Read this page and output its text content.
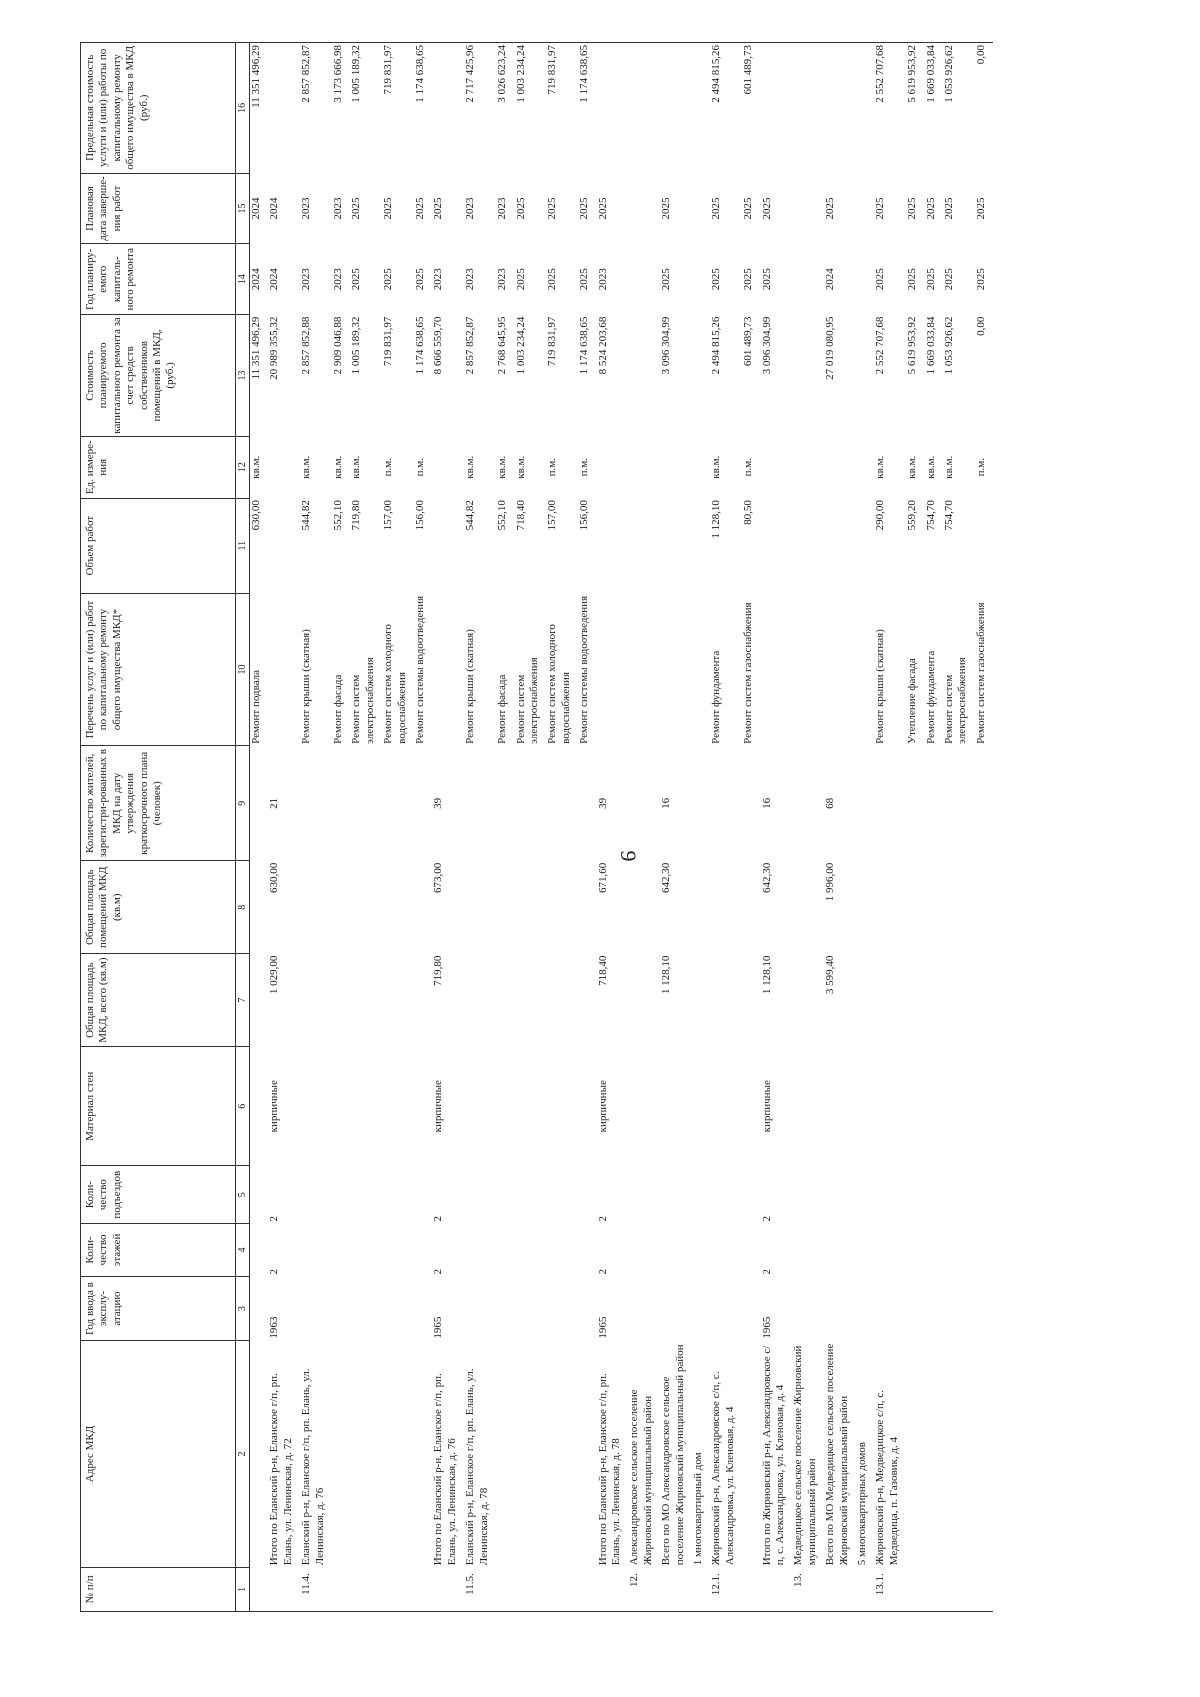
9
№ п/п	Адрес МКД	Год ввода в эксплу-атацию	Коли-чество этажей	Коли-чество подъездов	Материал стен	Общая площадь МКД, всего (кв.м)	Общая площадь помещений МКД (кв.м)	Количество жителей, зарегистри-рованных в МКД на дату утверждения краткосрочного плана (человек)	Перечень услуг и (или) работ по капитальному ремонту общего имущества МКД*	Объем работ	Ед. измере-ния	Стоимость планируемого капитального ремонта за счет средств собственников помещений в МКД, (руб.)	Год планиру-емого капиталь-ного ремонта	Плановая дата заверше-ния работ	Предельная стоимость услуги и (или) работы по капитальному ремонту общего имущества в МКД (руб.)
1	2	3	4	5	6	7	8	9	10	11	12	13	14	15	16
									Ремонт подвала	630,00	кв.м.	11 351 496,29	2024	2024	11 351 496,29
	Итого по Еланский р-н, Еланское г/п, рп. Елань, ул. Ленинская, д. 72	1963	2	2	кирпичные	1 029,00	630,00	21				20 989 355,32	2024	2024	
11.4.	Еланский р-н, Еланское г/п, рп. Елань, ул. Ленинская, д. 76								Ремонт крыши (скатная)	544,82	кв.м.	2 857 852,88	2023	2023	2 857 852,87
									Ремонт фасада	552,10	кв.м.	2 909 046,88	2023	2023	3 173 666,98
									Ремонт систем электроснабжения	719,80	кв.м.	1 005 189,32	2025	2025	1 005 189,32
									Ремонт систем холодного водоснабжения	157,00	п.м.	719 831,97	2025	2025	719 831,97
									Ремонт системы водоотведения	156,00	п.м.	1 174 638,65	2025	2025	1 174 638,65
	Итого по Еланский р-н, Еланское г/п, рп. Елань, ул. Ленинская, д. 76	1965	2	2	кирпичные	719,80	673,00	39				8 666 559,70	2023	2025	
11.5.	Еланский р-н, Еланское г/п, рп. Елань, ул. Ленинская, д. 78								Ремонт крыши (скатная)	544,82	кв.м.	2 857 852,87	2023	2023	2 717 425,96
									Ремонт фасада	552,10	кв.м.	2 768 645,95	2023	2023	3 026 623,24
									Ремонт систем электроснабжения	718,40	кв.м.	1 003 234,24	2025	2025	1 003 234,24
									Ремонт систем холодного водоснабжения	157,00	п.м.	719 831,97	2025	2025	719 831,97
									Ремонт системы водоотведения	156,00	п.м.	1 174 638,65	2025	2025	1 174 638,65
	Итого по Еланский р-н, Еланское г/п, рп. Елань, ул. Ленинская, д. 78	1965	2	2	кирпичные	718,40	671,60	39				8 524 203,68	2023	2025	
12.	Александровское сельское поселение Жирновский муниципальный район														
	Всего по МО Александровское сельское поселение Жирновский муниципальный район					1 128,10	642,30	16				3 096 304,99	2025	2025	
	1 многоквартирный дом														
12.1.	Жирновский р-н, Александровское с/п, с. Александровка, ул. Кленовая, д. 4								Ремонт фундамента	1 128,10	кв.м.	2 494 815,26	2025	2025	2 494 815,26
									Ремонт систем газоснабжения	80,50	п.м.	601 489,73	2025	2025	601 489,73
	Итого по Жирновский р-н, Александровское с/п, с. Александровка, ул. Кленовая, д. 4	1965	2	2	кирпичные	1 128,10	642,30	16				3 096 304,99	2025	2025	
13.	Медведицкое сельское поселение Жирновский муниципальный район														
	Всего по МО Медведицкое сельское поселение Жирновский муниципальный район					3 599,40	1 996,00	68				27 019 080,95	2024	2025	
	5 многоквартирных домов														
13.1.	Жирновский р-н, Медведицкое с/п, с. Медведица, п. Газовик, д. 4								Ремонт крыши (скатная)	290,00	кв.м.	2 552 707,68	2025	2025	2 552 707,68
									Утепление фасада	559,20	кв.м.	5 619 953,92	2025	2025	5 619 953,92
									Ремонт фундамента	754,70	кв.м.	1 669 033,84	2025	2025	1 669 033,84
									Ремонт систем электроснабжения	754,70	кв.м.	1 053 926,62	2025	2025	1 053 926,62
									Ремонт систем газоснабжения		п.м.	0,00	2025	2025	0,00
